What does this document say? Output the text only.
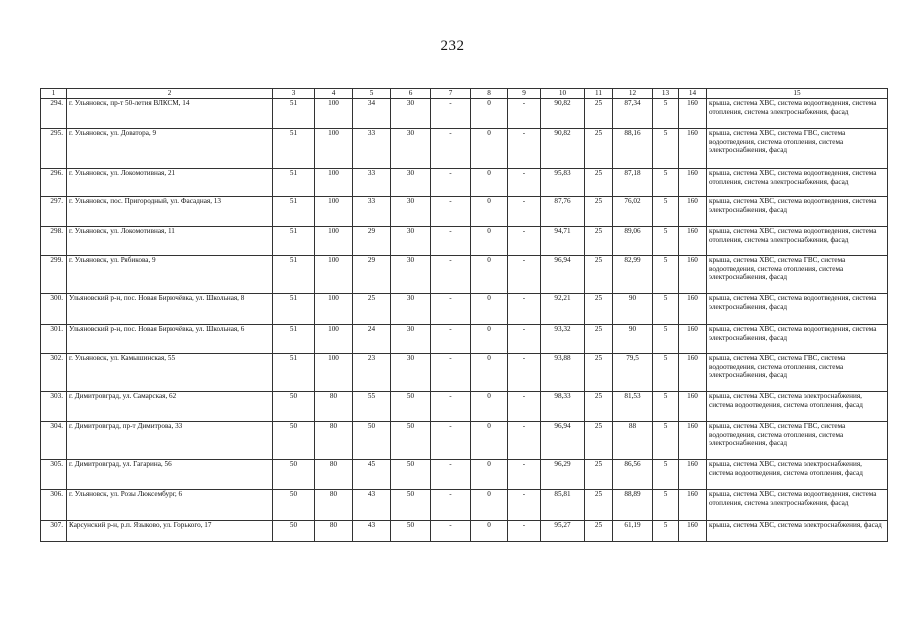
232
1	2	3	4	5	6	7	8	9	10	11	12	13	14	15
294.	г. Ульяновск, пр-т 50-летия ВЛКСМ, 14	51	100	34	30	-	0	-	90,82	25	87,34	5	160	крыша, система ХВС, система водоотведения, система отопления, система электроснабжения, фасад
295.	г. Ульяновск, ул. Доватора, 9	51	100	33	30	-	0	-	90,82	25	88,16	5	160	крыша, система ХВС, система ГВС, система водоотведения, система отопления, система электроснабжения, фасад
296.	г. Ульяновск, ул. Локомотивная, 21	51	100	33	30	-	0	-	95,83	25	87,18	5	160	крыша, система ХВС, система водоотведения, система отопления, система электроснабжения, фасад
297.	г. Ульяновск, пос. Пригородный, ул. Фасадная, 13	51	100	33	30	-	0	-	87,76	25	76,02	5	160	крыша, система ХВС, система водоотведения, система электроснабжения, фасад
298.	г. Ульяновск, ул. Локомотивная, 11	51	100	29	30	-	0	-	94,71	25	89,06	5	160	крыша, система ХВС, система водоотведения, система отопления, система электроснабжения, фасад
299.	г. Ульяновск, ул. Рябикова, 9	51	100	29	30	-	0	-	96,94	25	82,99	5	160	крыша, система ХВС, система ГВС, система водоотведения, система отопления, система электроснабжения, фасад
300.	Ульяновский р-н, пос. Новая Бирючёвка, ул. Школьная, 8	51	100	25	30	-	0	-	92,21	25	90	5	160	крыша, система ХВС, система водоотведения, система электроснабжения, фасад
301.	Ульяновский р-н, пос. Новая Бирючёвка, ул. Школьная, 6	51	100	24	30	-	0	-	93,32	25	90	5	160	крыша, система ХВС, система водоотведения, система электроснабжения, фасад
302.	г. Ульяновск, ул. Камышинская, 55	51	100	23	30	-	0	-	93,88	25	79,5	5	160	крыша, система ХВС, система ГВС, система водоотведения, система отопления, система электроснабжения, фасад
303.	г. Димитровград, ул. Самарская, 62	50	80	55	50	-	0	-	98,33	25	81,53	5	160	крыша, система ХВС, система электроснабжения, система водоотведения, система отопления, фасад
304.	г. Димитровград, пр-т Димитрова, 33	50	80	50	50	-	0	-	96,94	25	88	5	160	крыша, система ХВС, система ГВС, система водоотведения, система отопления, система электроснабжения, фасад
305.	г. Димитровград, ул. Гагарина, 56	50	80	45	50	-	0	-	96,29	25	86,56	5	160	крыша, система ХВС, система электроснабжения, система водоотведения, система отопления, фасад
306.	г. Ульяновск, ул. Розы Люксембург, 6	50	80	43	50	-	0	-	85,81	25	88,89	5	160	крыша, система ХВС, система водоотведения, система отопления, система электроснабжения, фасад
307.	Карсунский р-н, р.п. Языково, ул. Горького, 17	50	80	43	50	-	0	-	95,27	25	61,19	5	160	крыша, система ХВС, система электроснабжения, фасад
